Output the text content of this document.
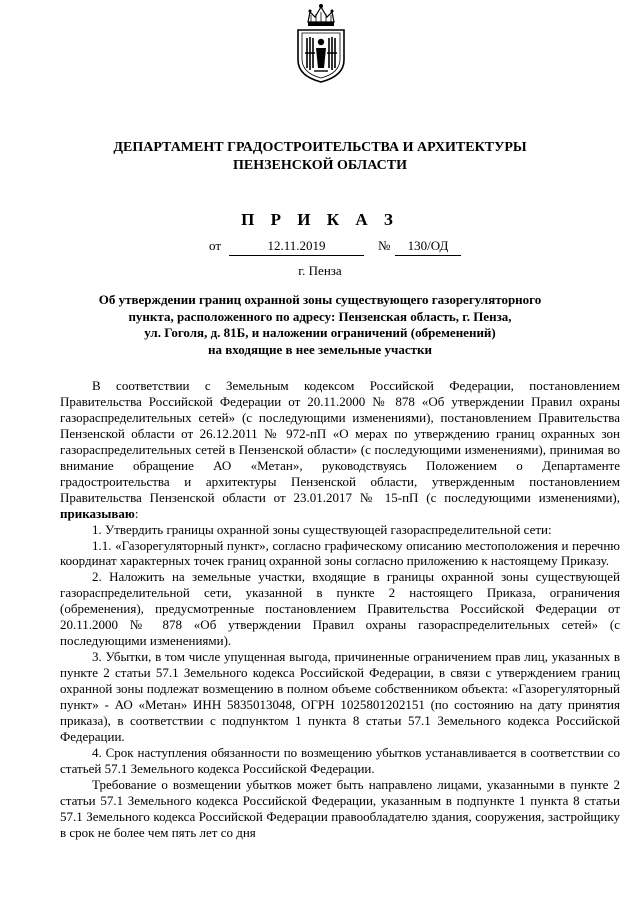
ДЕПАРТАМЕНТ ГРАДОСТРОИТЕЛЬСТВА И АРХИТЕКТУРЫ
ПЕНЗЕНСКОЙ ОБЛАСТИ
П Р И К А З
от	12.11.2019	№	130/ОД
г. Пенза
Об утверждении границ охранной зоны существующего газорегуляторного
пункта, расположенного по адресу: Пензенская область, г. Пенза,
ул. Гоголя, д. 81Б, и наложении ограничений (обременений)
на входящие в нее земельные участки

В соответствии с Земельным кодексом Российской Федерации, постановлением Правительства Российской Федерации от 20.11.2000 № 878 «Об утверждении Правил охраны газораспределительных сетей» (с последующими изменениями), постановлением Правительства Пензенской области от 26.12.2011 № 972-пП «О мерах по утверждению границ охранных зон газораспределительных сетей в Пензенской области» (с последующими изменениями), принимая во внимание обращение АО «Метан», руководствуясь Положением о Департаменте градостроительства и архитектуры Пензенской области, утвержденным постановлением Правительства Пензенской области от 23.01.2017 № 15-пП (с последующими изменениями), приказываю:

1. Утвердить границы охранной зоны существующей газораспределительной сети:

1.1. «Газорегуляторный пункт», согласно графическому описанию местоположения и перечню координат характерных точек границ охранной зоны согласно приложению к настоящему Приказу.

2. Наложить на земельные участки, входящие в границы охранной зоны существующей газораспределительной сети, указанной в пункте 2 настоящего Приказа, ограничения (обременения), предусмотренные постановлением Правительства Российской Федерации от 20.11.2000 № 878 «Об утверждении Правил охраны газораспределительных сетей» (с последующими изменениями).

3. Убытки, в том числе упущенная выгода, причиненные ограничением прав лиц, указанных в пункте 2 статьи 57.1 Земельного кодекса Российской Федерации, в связи с утверждением границ охранной зоны подлежат возмещению в полном объеме собственником объекта: «Газорегуляторный пункт» - АО «Метан» ИНН 5835013048, ОГРН 1025801202151 (по состоянию на дату принятия приказа), в соответствии с подпунктом 1 пункта 8 статьи 57.1 Земельного кодекса Российской Федерации.

4. Срок наступления обязанности по возмещению убытков устанавливается в соответствии со статьей 57.1 Земельного кодекса Российской Федерации.

Требование о возмещении убытков может быть направлено лицами, указанными в пункте 2 статьи 57.1 Земельного кодекса Российской Федерации, указанным в подпункте 1 пункта 8 статьи 57.1 Земельного кодекса Российской Федерации правообладателю здания, сооружения, застройщику в срок не более чем пять лет со дня
